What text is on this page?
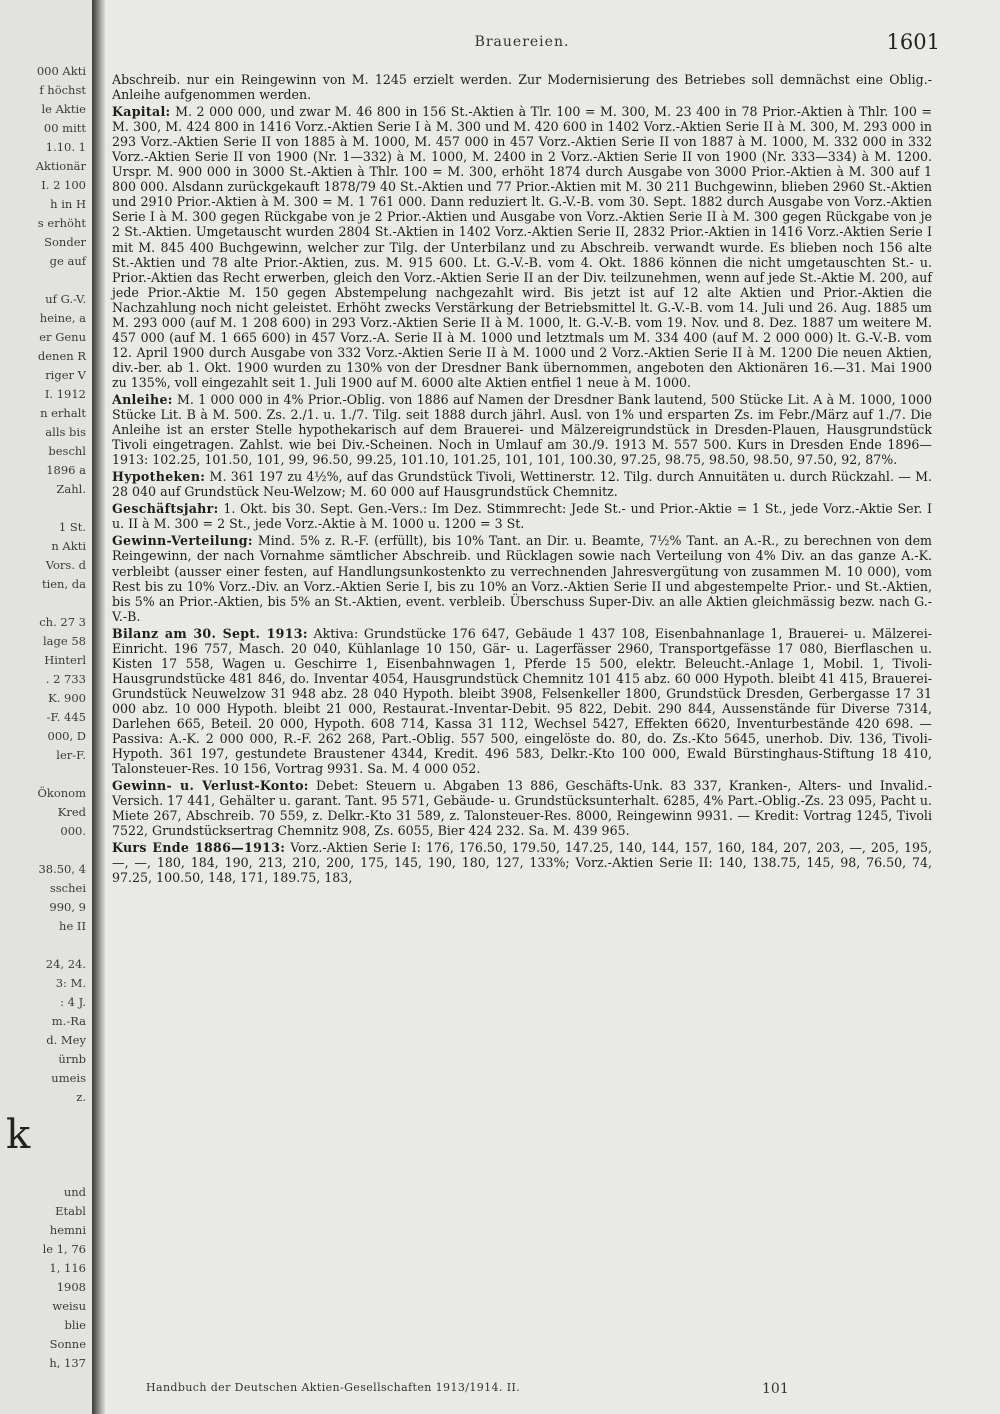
000 Akti
f höchst
le Aktie
00 mitt
1.10. 1
Aktionär
I. 2 100
h in H
s erhöht
Sonder
ge auf

uf G.-V.
heine, a
er Genu
denen R
riger V
I. 1912
n erhalt
alls bis
beschl
1896 a
Zahl.

1 St.
n Akti
Vors. d
tien, da

ch. 27 3
lage 58
Hinterl
. 2 733
K. 900
-F. 445
000, D
ler-F.

Ökonom
Kred
000.

38.50, 4
sschei
990, 9
he II

24, 24.
3: M.
: 4 J.
m.-Ra
d. Mey
ürnb
umeis
z.

und
Etabl
hemni
le 1, 76
1, 116
1908
weisu
blie
Sonne
h, 137
k
Brauereien.	1601

Abschreib. nur ein Reingewinn von M. 1245 erzielt werden. Zur Modernisierung des Betriebes soll demnächst eine Oblig.-Anleihe aufgenommen werden.

Kapital: M. 2 000 000, und zwar M. 46 800 in 156 St.-Aktien à Tlr. 100 = M. 300, M. 23 400 in 78 Prior.-Aktien à Thlr. 100 = M. 300, M. 424 800 in 1416 Vorz.-Aktien Serie I à M. 300 und M. 420 600 in 1402 Vorz.-Aktien Serie II à M. 300, M. 293 000 in 293 Vorz.-Aktien Serie II von 1885 à M. 1000, M. 457 000 in 457 Vorz.-Aktien Serie II von 1887 à M. 1000, M. 332 000 in 332 Vorz.-Aktien Serie II von 1900 (Nr. 1—332) à M. 1000, M. 2400 in 2 Vorz.-Aktien Serie II von 1900 (Nr. 333—334) à M. 1200. Urspr. M. 900 000 in 3000 St.-Aktien à Thlr. 100 = M. 300, erhöht 1874 durch Ausgabe von 3000 Prior.-Aktien à M. 300 auf 1 800 000. Alsdann zurückgekauft 1878/79 40 St.-Aktien und 77 Prior.-Aktien mit M. 30 211 Buchgewinn, blieben 2960 St.-Aktien und 2910 Prior.-Aktien à M. 300 = M. 1 761 000. Dann reduziert lt. G.-V.-B. vom 30. Sept. 1882 durch Ausgabe von Vorz.-Aktien Serie I à M. 300 gegen Rückgabe von je 2 Prior.-Aktien und Ausgabe von Vorz.-Aktien Serie II à M. 300 gegen Rückgabe von je 2 St.-Aktien. Umgetauscht wurden 2804 St.-Aktien in 1402 Vorz.-Aktien Serie II, 2832 Prior.-Aktien in 1416 Vorz.-Aktien Serie I mit M. 845 400 Buchgewinn, welcher zur Tilg. der Unterbilanz und zu Abschreib. verwandt wurde. Es blieben noch 156 alte St.-Aktien und 78 alte Prior.-Aktien, zus. M. 915 600. Lt. G.-V.-B. vom 4. Okt. 1886 können die nicht umgetauschten St.- u. Prior.-Aktien das Recht erwerben, gleich den Vorz.-Aktien Serie II an der Div. teilzunehmen, wenn auf jede St.-Aktie M. 200, auf jede Prior.-Aktie M. 150 gegen Abstempelung nachgezahlt wird. Bis jetzt ist auf 12 alte Aktien und Prior.-Aktien die Nachzahlung noch nicht geleistet. Erhöht zwecks Verstärkung der Betriebsmittel lt. G.-V.-B. vom 14. Juli und 26. Aug. 1885 um M. 293 000 (auf M. 1 208 600) in 293 Vorz.-Aktien Serie II à M. 1000, lt. G.-V.-B. vom 19. Nov. und 8. Dez. 1887 um weitere M. 457 000 (auf M. 1 665 600) in 457 Vorz.-A. Serie II à M. 1000 und letztmals um M. 334 400 (auf M. 2 000 000) lt. G.-V.-B. vom 12. April 1900 durch Ausgabe von 332 Vorz.-Aktien Serie II à M. 1000 und 2 Vorz.-Aktien Serie II à M. 1200 Die neuen Aktien, div.-ber. ab 1. Okt. 1900 wurden zu 130% von der Dresdner Bank übernommen, angeboten den Aktionären 16.—31. Mai 1900 zu 135%, voll eingezahlt seit 1. Juli 1900 auf M. 6000 alte Aktien entfiel 1 neue à M. 1000.

Anleihe: M. 1 000 000 in 4% Prior.-Oblig. von 1886 auf Namen der Dresdner Bank lautend, 500 Stücke Lit. A à M. 1000, 1000 Stücke Lit. B à M. 500. Zs. 2./1. u. 1./7. Tilg. seit 1888 durch jährl. Ausl. von 1% und ersparten Zs. im Febr./März auf 1./7. Die Anleihe ist an erster Stelle hypothekarisch auf dem Brauerei- und Mälzereigrundstück in Dresden-Plauen, Hausgrundstück Tivoli eingetragen. Zahlst. wie bei Div.-Scheinen. Noch in Umlauf am 30./9. 1913 M. 557 500. Kurs in Dresden Ende 1896—1913: 102.25, 101.50, 101, 99, 96.50, 99.25, 101.10, 101.25, 101, 101, 100.30, 97.25, 98.75, 98.50, 98.50, 97.50, 92, 87%.

Hypotheken: M. 361 197 zu 4½%, auf das Grundstück Tivoli, Wettinerstr. 12. Tilg. durch Annuitäten u. durch Rückzahl. — M. 28 040 auf Grundstück Neu-Welzow; M. 60 000 auf Hausgrundstück Chemnitz.

Geschäftsjahr: 1. Okt. bis 30. Sept. Gen.-Vers.: Im Dez. Stimmrecht: Jede St.- und Prior.-Aktie = 1 St., jede Vorz.-Aktie Ser. I u. II à M. 300 = 2 St., jede Vorz.-Aktie à M. 1000 u. 1200 = 3 St.

Gewinn-Verteilung: Mind. 5% z. R.-F. (erfüllt), bis 10% Tant. an Dir. u. Beamte, 7½% Tant. an A.-R., zu berechnen von dem Reingewinn, der nach Vornahme sämtlicher Abschreib. und Rücklagen sowie nach Verteilung von 4% Div. an das ganze A.-K. verbleibt (ausser einer festen, auf Handlungsunkostenkto zu verrechnenden Jahresvergütung von zusammen M. 10 000), vom Rest bis zu 10% Vorz.-Div. an Vorz.-Aktien Serie I, bis zu 10% an Vorz.-Aktien Serie II und abgestempelte Prior.- und St.-Aktien, bis 5% an Prior.-Aktien, bis 5% an St.-Aktien, event. verbleib. Überschuss Super-Div. an alle Aktien gleichmässig bezw. nach G.-V.-B.

Bilanz am 30. Sept. 1913: Aktiva: Grundstücke 176 647, Gebäude 1 437 108, Eisenbahnanlage 1, Brauerei- u. Mälzerei-Einricht. 196 757, Masch. 20 040, Kühlanlage 10 150, Gär- u. Lagerfässer 2960, Transportgefässe 17 080, Bierflaschen u. Kisten 17 558, Wagen u. Geschirre 1, Eisenbahnwagen 1, Pferde 15 500, elektr. Beleucht.-Anlage 1, Mobil. 1, Tivoli-Hausgrundstücke 481 846, do. Inventar 4054, Hausgrundstück Chemnitz 101 415 abz. 60 000 Hypoth. bleibt 41 415, Brauerei-Grundstück Neuwelzow 31 948 abz. 28 040 Hypoth. bleibt 3908, Felsenkeller 1800, Grundstück Dresden, Gerbergasse 17 31 000 abz. 10 000 Hypoth. bleibt 21 000, Restaurat.-Inventar-Debit. 95 822, Debit. 290 844, Aussenstände für Diverse 7314, Darlehen 665, Beteil. 20 000, Hypoth. 608 714, Kassa 31 112, Wechsel 5427, Effekten 6620, Inventurbestände 420 698. — Passiva: A.-K. 2 000 000, R.-F. 262 268, Part.-Oblig. 557 500, eingelöste do. 80, do. Zs.-Kto 5645, unerhob. Div. 136, Tivoli-Hypoth. 361 197, gestundete Braustener 4344, Kredit. 496 583, Delkr.-Kto 100 000, Ewald Bürstinghaus-Stiftung 18 410, Talonsteuer-Res. 10 156, Vortrag 9931. Sa. M. 4 000 052.

Gewinn- u. Verlust-Konto: Debet: Steuern u. Abgaben 13 886, Geschäfts-Unk. 83 337, Kranken-, Alters- und Invalid.-Versich. 17 441, Gehälter u. garant. Tant. 95 571, Gebäude- u. Grundstücksunterhalt. 6285, 4% Part.-Oblig.-Zs. 23 095, Pacht u. Miete 267, Abschreib. 70 559, z. Delkr.-Kto 31 589, z. Talonsteuer-Res. 8000, Reingewinn 9931. — Kredit: Vortrag 1245, Tivoli 7522, Grundstücksertrag Chemnitz 908, Zs. 6055, Bier 424 232. Sa. M. 439 965.

Kurs Ende 1886—1913: Vorz.-Aktien Serie I: 176, 176.50, 179.50, 147.25, 140, 144, 157, 160, 184, 207, 203, —, 205, 195, —, —, 180, 184, 190, 213, 210, 200, 175, 145, 190, 180, 127, 133%; Vorz.-Aktien Serie II: 140, 138.75, 145, 98, 76.50, 74, 97.25, 100.50, 148, 171, 189.75, 183,

Handbuch der Deutschen Aktien-Gesellschaften 1913/1914. II.	101
